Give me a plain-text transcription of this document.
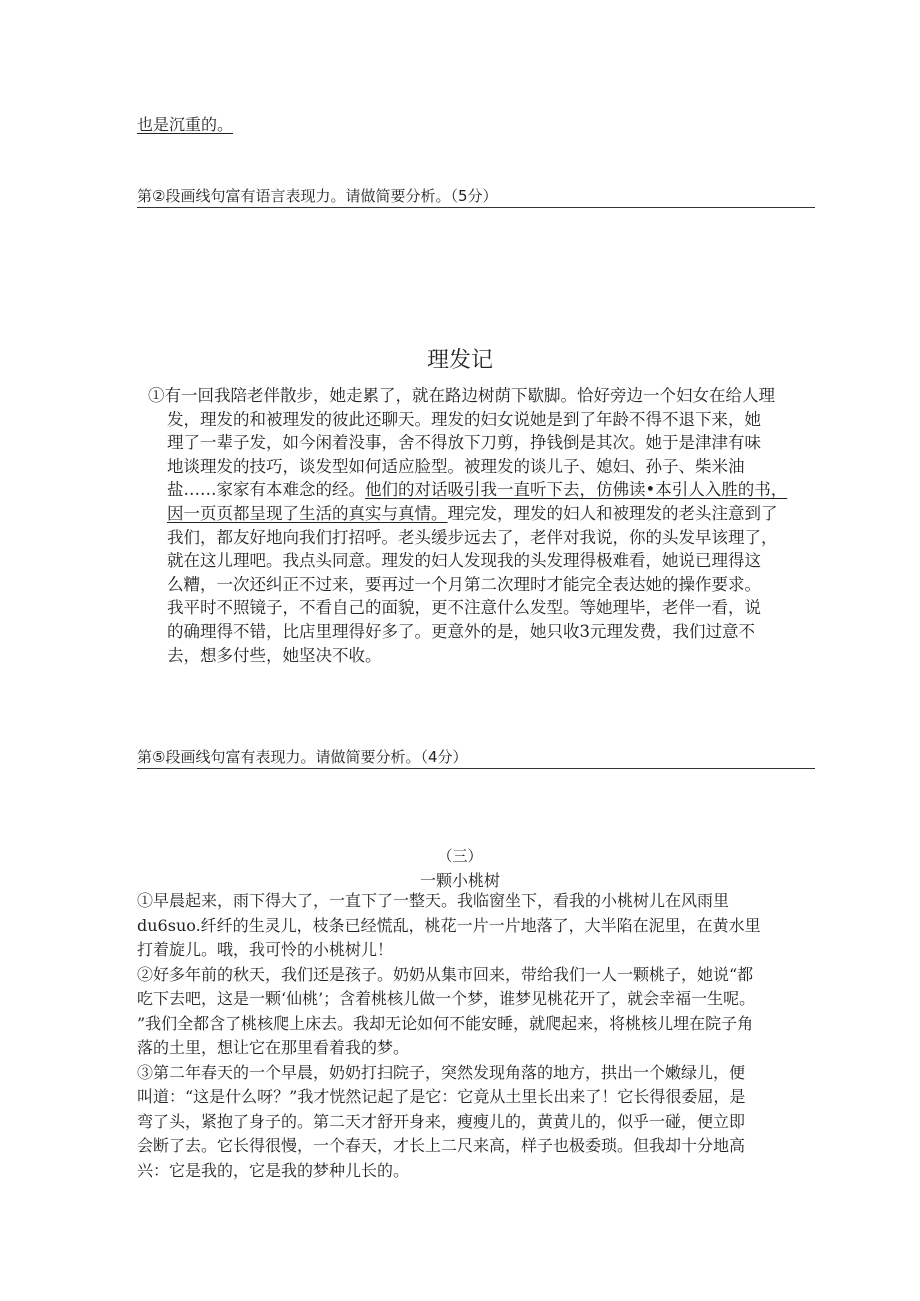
也是沉重的。
第②段画线句富有语言表现力。请做简要分析。（5分）
理发记
①有一回我陪老伴散步，她走累了，就在路边树荫下歇脚。恰好旁边一个妇女在给人理
发，理发的和被理发的彼此还聊天。理发的妇女说她是到了年龄不得不退下来，她
理了一辈子发，如今闲着没事，舍不得放下刀剪，挣钱倒是其次。她于是津津有味
地谈理发的技巧，谈发型如何适应脸型。被理发的谈儿子、媳妇、孙子、柴米油
盐……家家有本难念的经。他们的对话吸引我一直听下去，仿佛读•本引人入胜的书，
因一页页都呈现了生活的真实与真情。理完发，理发的妇人和被理发的老头注意到了
我们，都友好地向我们打招呼。老头缓步远去了，老伴对我说，你的头发早该理了，
就在这儿理吧。我点头同意。理发的妇人发现我的头发理得极难看，她说已理得这
么糟，一次还纠正不过来，要再过一个月第二次理时才能完全表达她的操作要求。
我平时不照镜子，不看自己的面貌，更不注意什么发型。等她理毕，老伴一看，说
的确理得不错，比店里理得好多了。更意外的是，她只收3元理发费，我们过意不
去，想多付些，她坚决不收。
第⑤段画线句富有表现力。请做简要分析。（4分）
（三）
一颗小桃树
①早晨起来，雨下得大了，一直下了一整天。我临窗坐下，看我的小桃树儿在风雨里
du6suo.纤纤的生灵儿，枝条已经慌乱，桃花一片一片地落了，大半陷在泥里，在黄水里
打着旋儿。哦，我可怜的小桃树儿！
②好多年前的秋天，我们还是孩子。奶奶从集市回来，带给我们一人一颗桃子，她说“都
吃下去吧，这是一颗‘仙桃’；含着桃核儿做一个梦，谁梦见桃花开了，就会幸福一生呢。
”我们全都含了桃核爬上床去。我却无论如何不能安睡，就爬起来，将桃核儿埋在院子角
落的土里，想让它在那里看着我的梦。
③第二年春天的一个早晨，奶奶打扫院子，突然发现角落的地方，拱出一个嫩绿儿，便
叫道：“这是什么呀？”我才恍然记起了是它：它竟从土里长出来了！它长得很委屈，是
弯了头，紧抱了身子的。第二天才舒开身来，瘦瘦儿的，黄黄儿的，似乎一碰，便立即
会断了去。它长得很慢，一个春天，才长上二尺来高，样子也极委琐。但我却十分地高
兴：它是我的，它是我的梦种儿长的。
